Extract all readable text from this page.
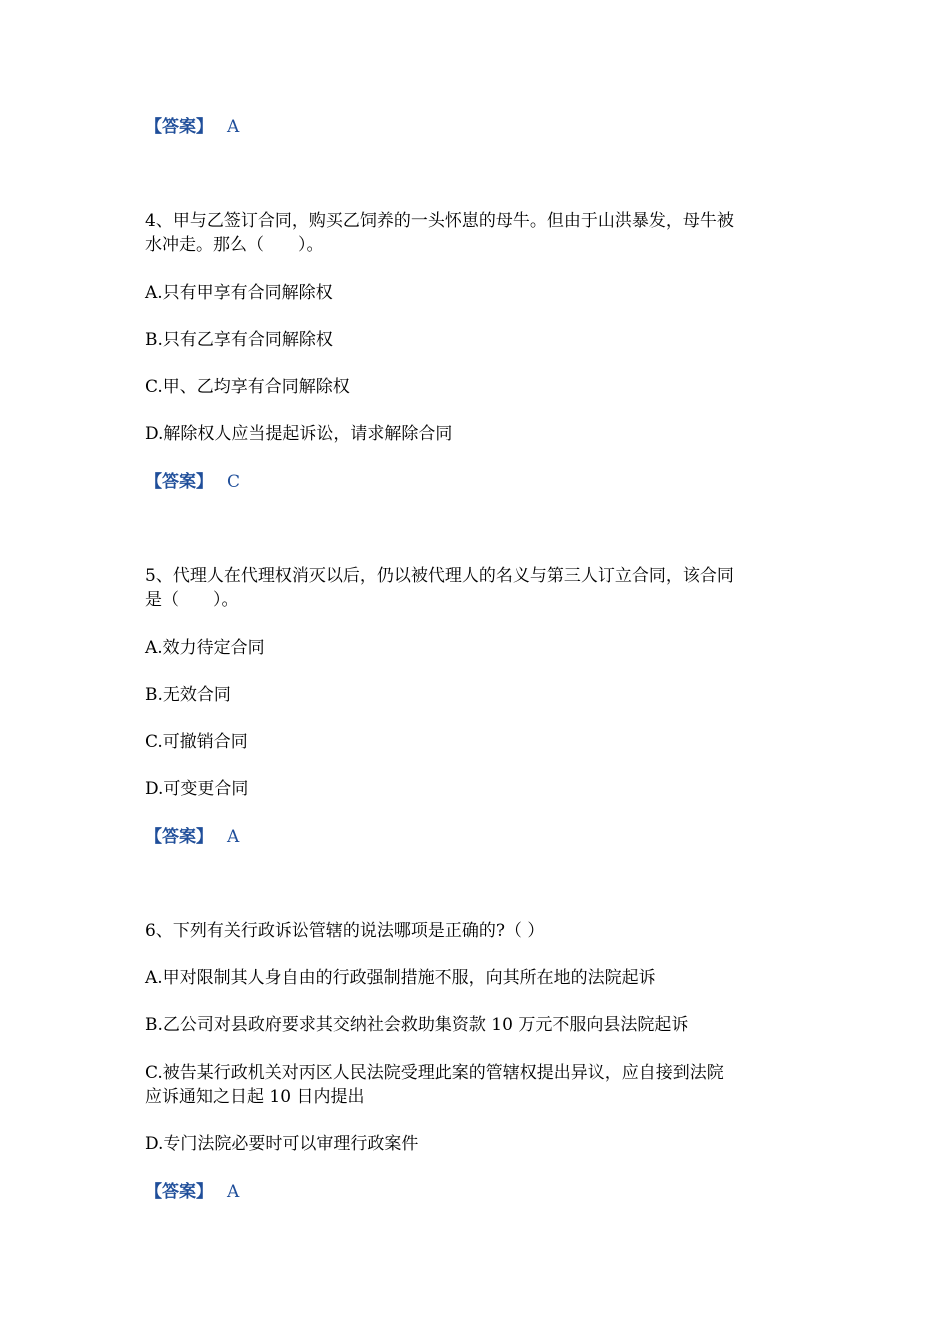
【答案】 A
4、甲与乙签订合同，购买乙饲养的一头怀崽的母牛。但由于山洪暴发，母牛被
水冲走。那么（　　）。
A.只有甲享有合同解除权
B.只有乙享有合同解除权
C.甲、乙均享有合同解除权
D.解除权人应当提起诉讼，请求解除合同
【答案】 C
5、代理人在代理权消灭以后，仍以被代理人的名义与第三人订立合同，该合同
是（　　）。
A.效力待定合同
B.无效合同
C.可撤销合同
D.可变更合同
【答案】 A
6、下列有关行政诉讼管辖的说法哪项是正确的?（ ）
A.甲对限制其人身自由的行政强制措施不服，向其所在地的法院起诉
B.乙公司对县政府要求其交纳社会救助集资款 10 万元不服向县法院起诉
C.被告某行政机关对丙区人民法院受理此案的管辖权提出异议，应自接到法院
应诉通知之日起 10 日内提出
D.专门法院必要时可以审理行政案件
【答案】 A
